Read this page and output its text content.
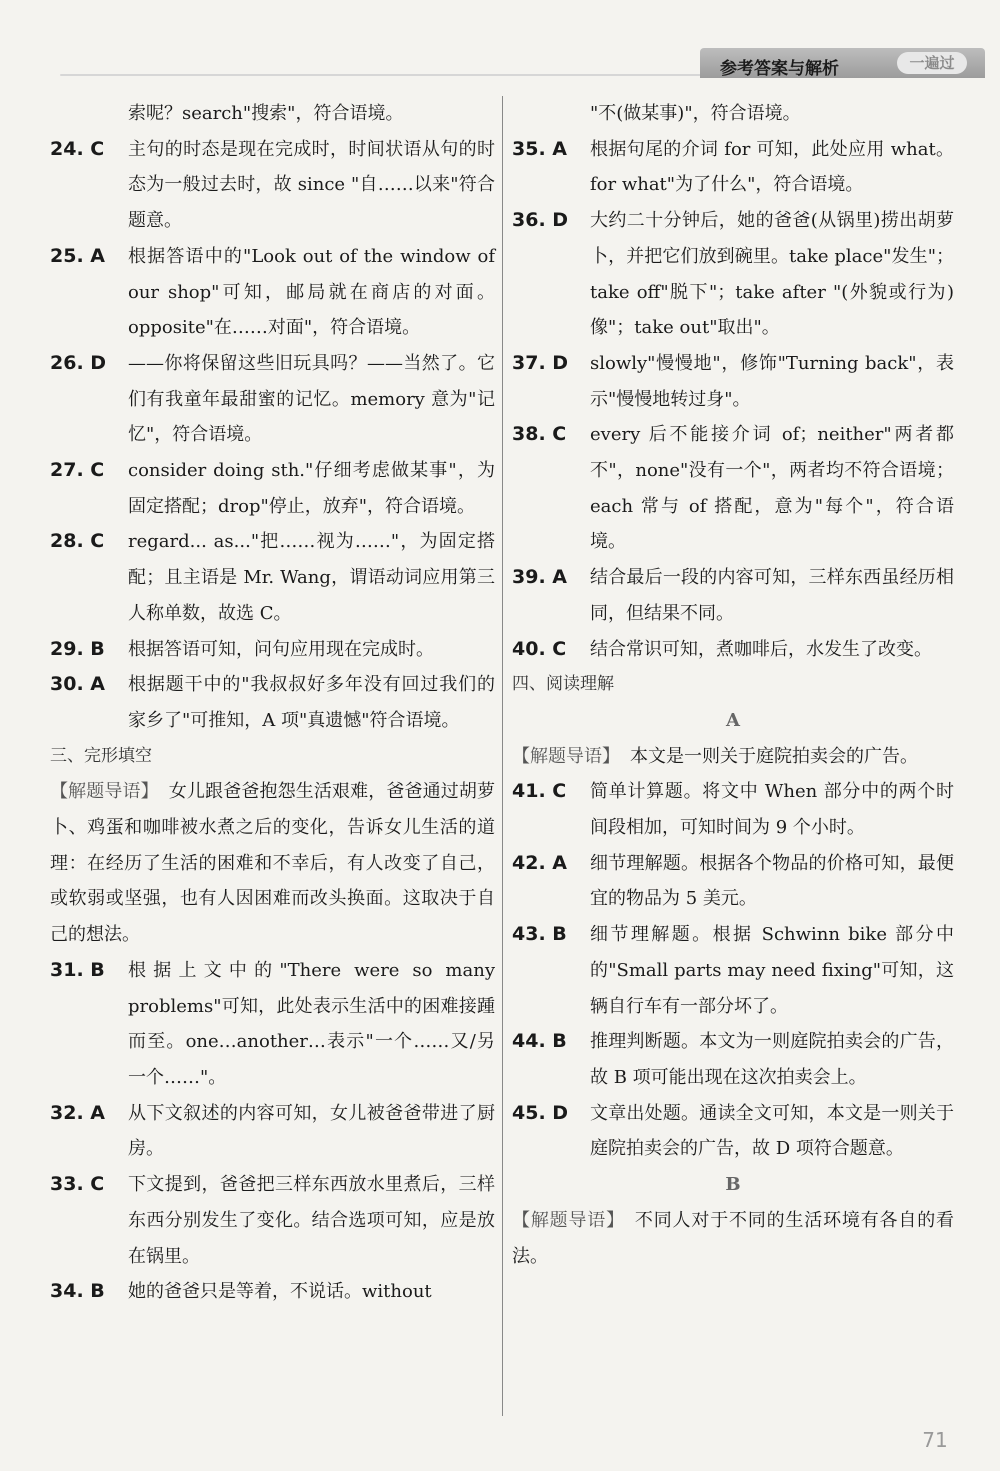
参考答案与解析	一遍过
索呢？search"搜索"，符合语境。
24. C	主句的时态是现在完成时，时间状语从句的时态为一般过去时，故 since "自……以来"符合题意。
25. A	根据答语中的"Look out of the window of our shop"可知，邮局就在商店的对面。opposite"在……对面"，符合语境。
26. D	——你将保留这些旧玩具吗？——当然了。它们有我童年最甜蜜的记忆。memory 意为"记忆"，符合语境。
27. C	consider doing sth."仔细考虑做某事"，为固定搭配；drop"停止，放弃"，符合语境。
28. C	regard... as..."把……视为……"，为固定搭配；且主语是 Mr. Wang，谓语动词应用第三人称单数，故选 C。
29. B	根据答语可知，问句应用现在完成时。
30. A	根据题干中的"我叔叔好多年没有回过我们的家乡了"可推知，A 项"真遗憾"符合语境。
三、完形填空
【解题导语】 女儿跟爸爸抱怨生活艰难，爸爸通过胡萝卜、鸡蛋和咖啡被水煮之后的变化，告诉女儿生活的道理：在经历了生活的困难和不幸后，有人改变了自己，或软弱或坚强，也有人因困难而改头换面。这取决于自己的想法。
31. B	根据上文中的"There were so many problems"可知，此处表示生活中的困难接踵而至。one…another…表示"一个……又/另一个……"。
32. A	从下文叙述的内容可知，女儿被爸爸带进了厨房。
33. C	下文提到，爸爸把三样东西放水里煮后，三样东西分别发生了变化。结合选项可知，应是放在锅里。
34. B	她的爸爸只是等着，不说话。without
"不(做某事)"，符合语境。
35. A	根据句尾的介词 for 可知，此处应用 what。for what"为了什么"，符合语境。
36. D	大约二十分钟后，她的爸爸(从锅里)捞出胡萝卜，并把它们放到碗里。take place"发生"；take off"脱下"；take after "(外貌或行为)像"；take out"取出"。
37. D	slowly"慢慢地"，修饰"Turning back"，表示"慢慢地转过身"。
38. C	every 后不能接介词 of；neither"两者都不"，none"没有一个"，两者均不符合语境；each 常与 of 搭配，意为"每个"，符合语境。
39. A	结合最后一段的内容可知，三样东西虽经历相同，但结果不同。
40. C	结合常识可知，煮咖啡后，水发生了改变。
四、阅读理解
A
【解题导语】 本文是一则关于庭院拍卖会的广告。
41. C	简单计算题。将文中 When 部分中的两个时间段相加，可知时间为 9 个小时。
42. A	细节理解题。根据各个物品的价格可知，最便宜的物品为 5 美元。
43. B	细节理解题。根据 Schwinn bike 部分中的"Small parts may need fixing"可知，这辆自行车有一部分坏了。
44. B	推理判断题。本文为一则庭院拍卖会的广告，故 B 项可能出现在这次拍卖会上。
45. D	文章出处题。通读全文可知，本文是一则关于庭院拍卖会的广告，故 D 项符合题意。
B
【解题导语】 不同人对于不同的生活环境有各自的看法。
71
